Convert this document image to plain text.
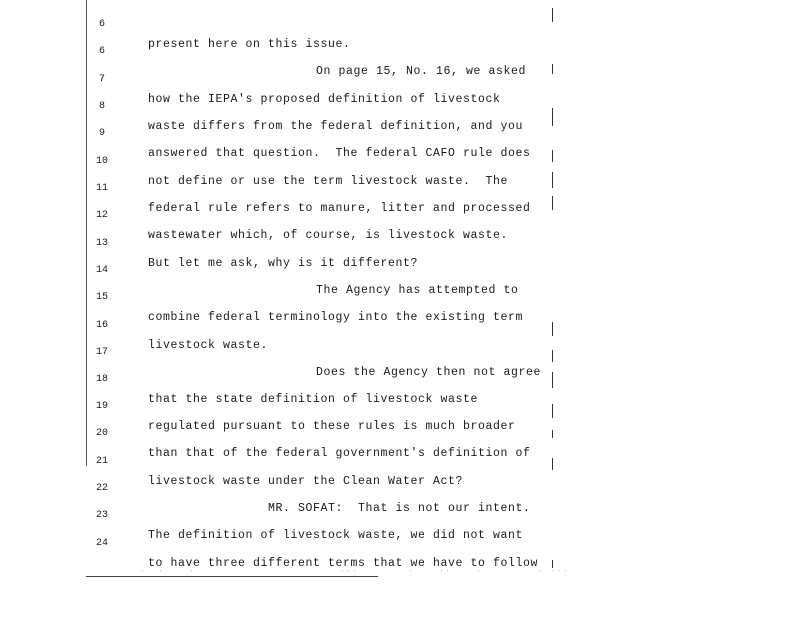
6

present here on this issue.

6

On page 15, No. 16, we asked

7

how the IEPA's proposed definition of livestock

8

waste differs from the federal definition, and you

9

answered that question.  The federal CAFO rule does

10

not define or use the term livestock waste.  The

11

federal rule refers to manure, litter and processed

12

wastewater which, of course, is livestock waste.

13

But let me ask, why is it different?

14

The Agency has attempted to

15

combine federal terminology into the existing term

16

livestock waste.

17

Does the Agency then not agree

18

that the state definition of livestock waste

19

regulated pursuant to these rules is much broader

20

than that of the federal government's definition of

21

livestock waste under the Clean Water Act?

22

MR. SOFAT:  That is not our intent.

23

The definition of livestock waste, we did not want

24

to have three different terms that we have to follow

˙  ˙    ˙	˙˙˙        ˙    ˙˙    ˙         ˙ ˙˙˙
